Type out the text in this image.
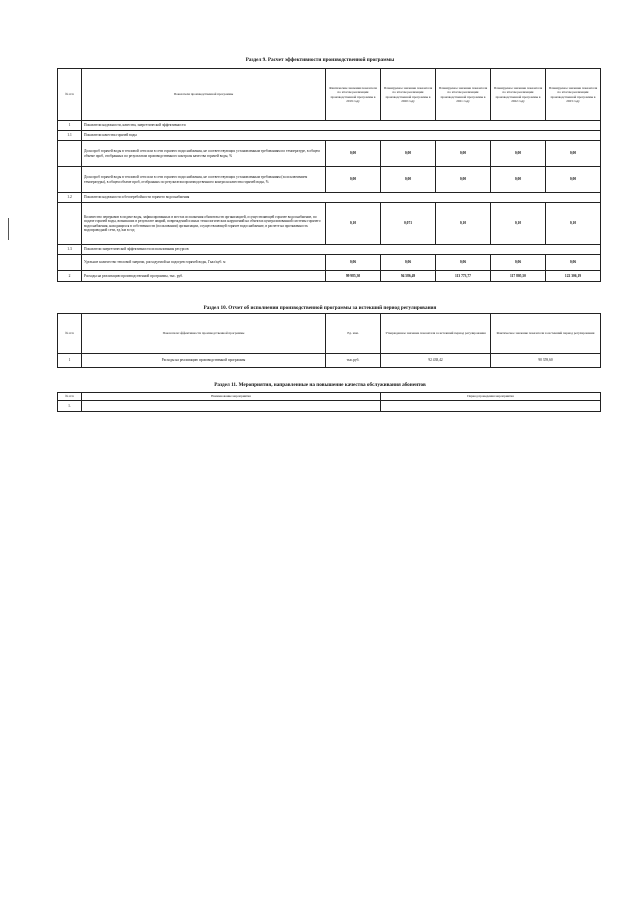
Раздел 9. Расчет эффективности производственной программы
№ п/п	Показатели производственной программы	Фактические значения показателя по итогам реализации производственной программы в 2019 году	Планируемое значение показателя по итогам реализации производственной программы в 2020 году	Планируемое значение показателя по итогам реализации производственной программы в 2021 году	Планируемое значение показателя по итогам реализации производственной программы в 2022 году	Планируемое значение показателя по итогам реализации производственной программы в 2023 году
1	Показатели надежности, качества, энергетической эффективности					
1.1	Показатели качества горячей воды					
	Доля проб горячей воды в тепловой сети или в сети горячего водоснабжения, не соответствующих установленным требованиям по температуре, в общем объеме проб, отобранных по результатам производственного контроля качества горячей воды, %	0,00	0,00	0,00	0,00	0,00
	Доля проб горячей воды в тепловой сети или в сети горячего водоснабжения, не соответствующих установленным требованиям (за исключением температуры), в общем объеме проб, отобранных по результатам производственного контроля качества горячей воды, %	0,00	0,00	0,00	0,00	0,00
1.2	Показатели надежности и бесперебойности горячего водоснабжения					
	Количество перерывов в подаче воды, зафиксированных в местах исполнения обязательств организацией, осуществляющей горячее водоснабжение, по подаче горячей воды, возникших в результате аварий, повреждений и иных технологических нарушений на объектах централизованной системы горячего водоснабжения, находящихся в собственности (пользовании) организации, осуществляющей горячее водоснабжение, в расчете на протяженность водопроводной сети, ед./км в год	0,10	0,071	0,10	0,10	0,10
1.3	Показатели энергетической эффективности использования ресурсов					
	Удельное количество тепловой энергии, расходуемой на подогрев горячей воды, Гкал/куб. м	0,06	0,06	0,06	0,06	0,06
2	Расходы на реализацию производственной программы, тыс. руб.	99 985,30	94 586,49	113 773,77	117 805,50	122 306,19
Раздел 10. Отчет об исполнении производственной программы за истекший период регулирования
№ п/п	Показатели эффективности производственной программы	Ед. изм.	Утвержденное значение показателя за истекший период регулирования	Фактическое значение показателя за истекший период регулирования
1	Расходы на реализацию производственной программы	тыс.руб.	92 438,42	90 359,60
Раздел 11. Мероприятия, направленные на повышение качества обслуживания абонентов
№ п/п	Наименование мероприятия	Период проведения мероприятия
1.		
